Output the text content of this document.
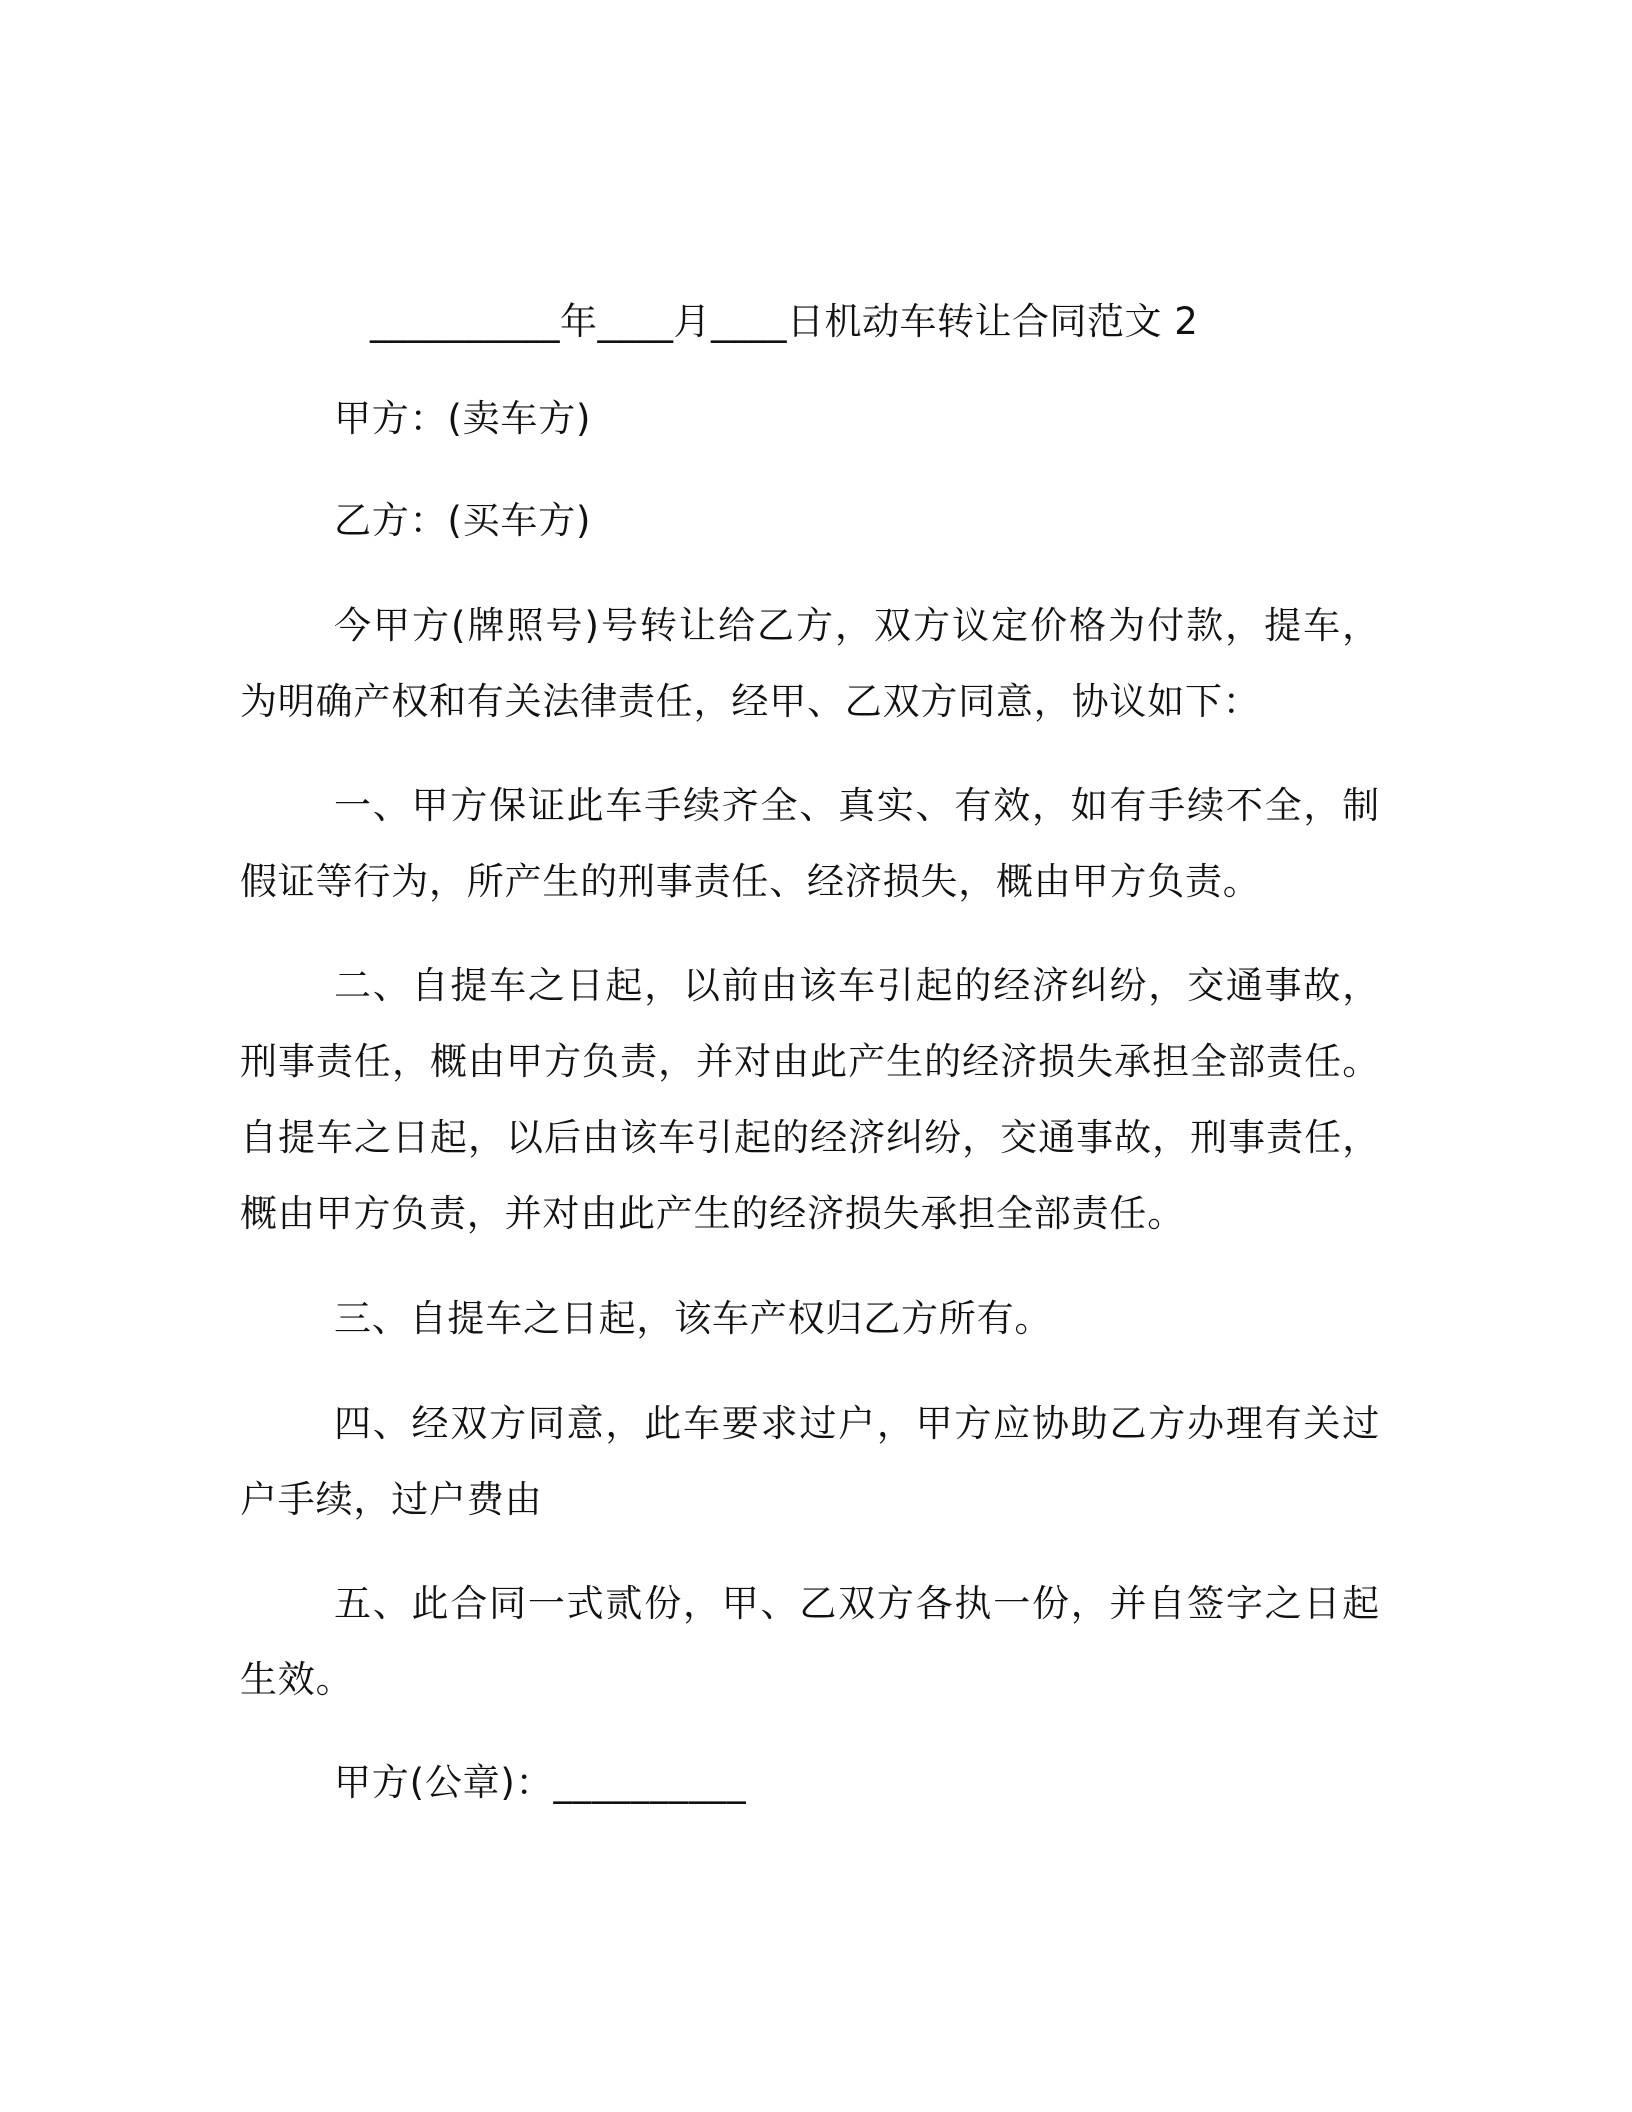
__________年____月____日机动车转让合同范文 2

甲方：(卖车方)

乙方：(买车方)

今甲方(牌照号)号转让给乙方，双方议定价格为付款，提车，为明确产权和有关法律责任，经甲、乙双方同意，协议如下：

一、甲方保证此车手续齐全、真实、有效，如有手续不全，制假证等行为，所产生的刑事责任、经济损失，概由甲方负责。

二、自提车之日起，以前由该车引起的经济纠纷，交通事故，刑事责任，概由甲方负责，并对由此产生的经济损失承担全部责任。自提车之日起，以后由该车引起的经济纠纷，交通事故，刑事责任，概由甲方负责，并对由此产生的经济损失承担全部责任。

三、自提车之日起，该车产权归乙方所有。

四、经双方同意，此车要求过户，甲方应协助乙方办理有关过户手续，过户费由

五、此合同一式贰份，甲、乙双方各执一份，并自签字之日起生效。

甲方(公章)：__________
